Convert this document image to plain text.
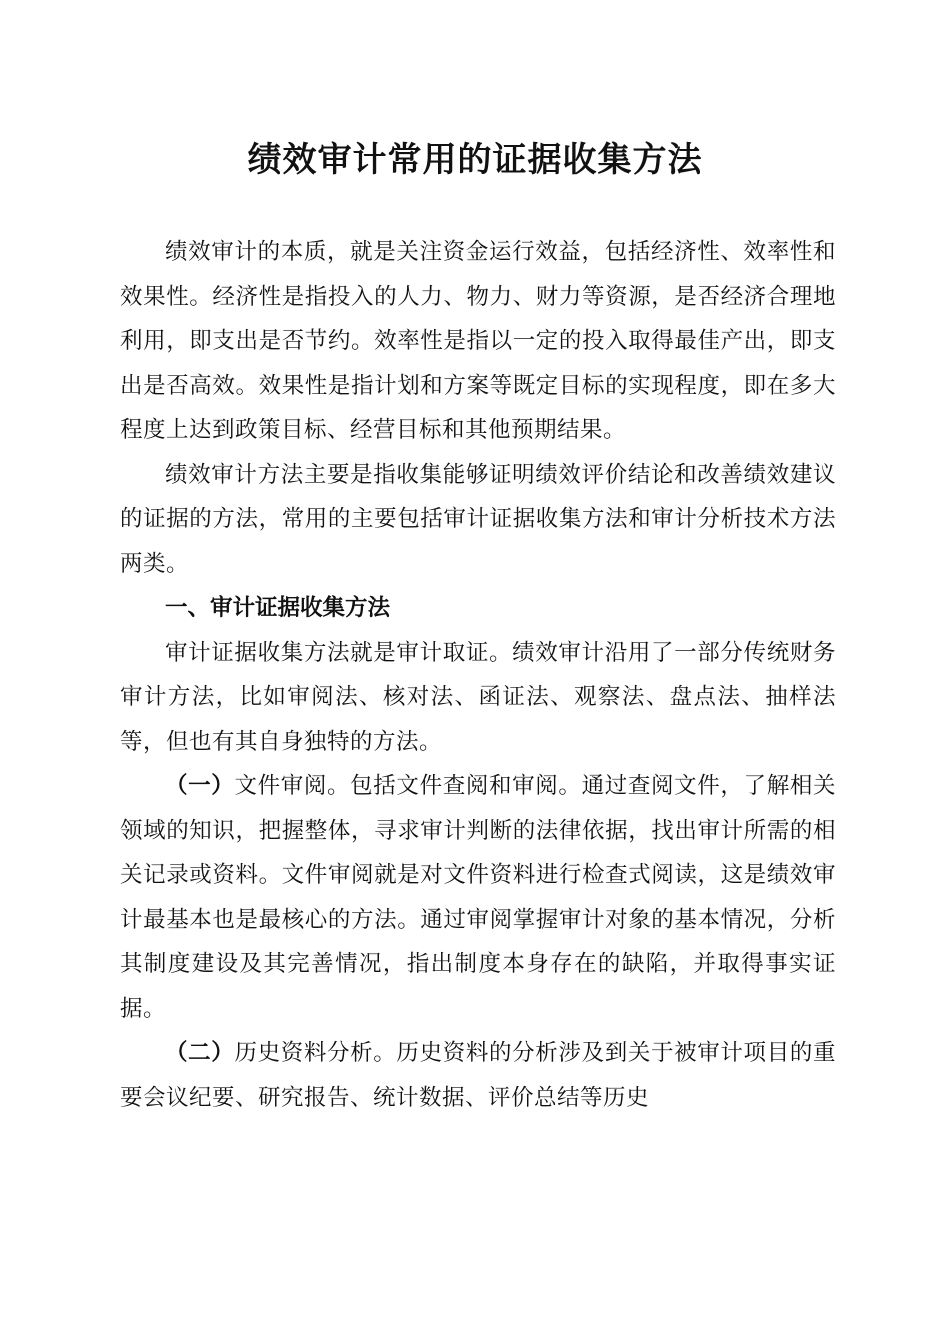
绩效审计常用的证据收集方法

绩效审计的本质，就是关注资金运行效益，包括经济性、效率性和效果性。经济性是指投入的人力、物力、财力等资源，是否经济合理地利用，即支出是否节约。效率性是指以一定的投入取得最佳产出，即支出是否高效。效果性是指计划和方案等既定目标的实现程度，即在多大程度上达到政策目标、经营目标和其他预期结果。

绩效审计方法主要是指收集能够证明绩效评价结论和改善绩效建议的证据的方法，常用的主要包括审计证据收集方法和审计分析技术方法两类。

一、审计证据收集方法

审计证据收集方法就是审计取证。绩效审计沿用了一部分传统财务审计方法，比如审阅法、核对法、函证法、观察法、盘点法、抽样法等，但也有其自身独特的方法。

（一）文件审阅。包括文件查阅和审阅。通过查阅文件，了解相关领域的知识，把握整体，寻求审计判断的法律依据，找出审计所需的相关记录或资料。文件审阅就是对文件资料进行检查式阅读，这是绩效审计最基本也是最核心的方法。通过审阅掌握审计对象的基本情况，分析其制度建设及其完善情况，指出制度本身存在的缺陷，并取得事实证据。

（二）历史资料分析。历史资料的分析涉及到关于被审计项目的重要会议纪要、研究报告、统计数据、评价总结等历史
